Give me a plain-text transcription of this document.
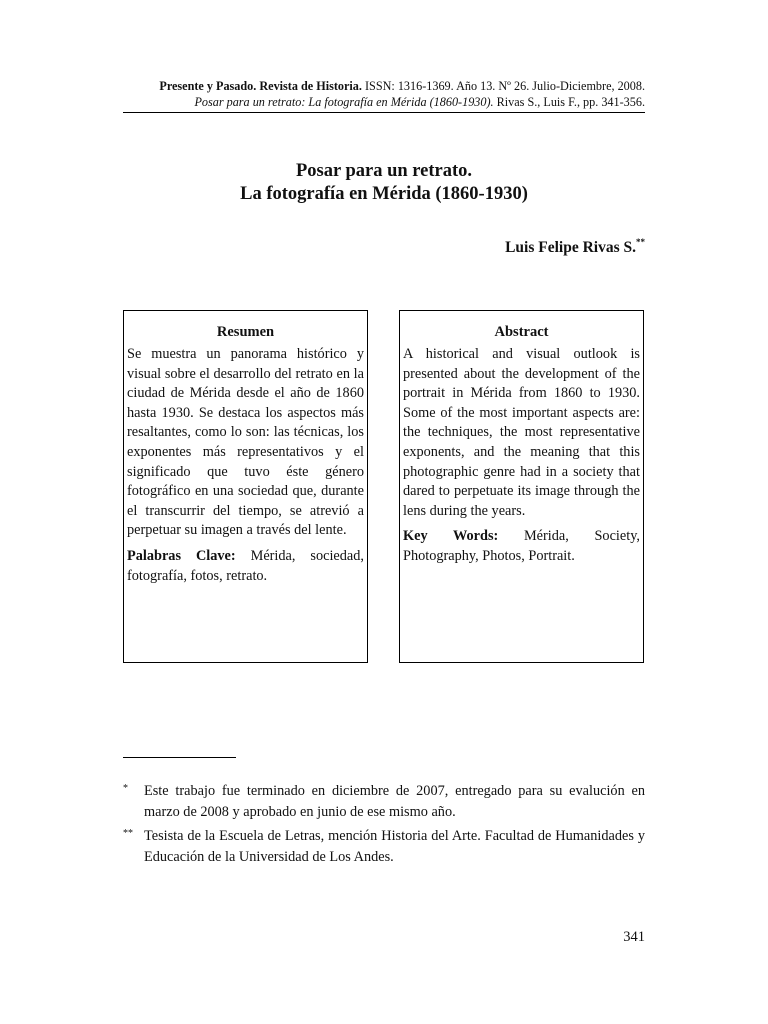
Presente y Pasado. Revista de Historia. ISSN: 1316-1369. Año 13. Nº 26. Julio-Diciembre, 2008.
Posar para un retrato: La fotografía en Mérida (1860-1930). Rivas S., Luis F., pp. 341-356.
Posar para un retrato.
La fotografía en Mérida (1860-1930)
Luis Felipe Rivas S.**
Resumen

Se muestra un panorama histórico y visual sobre el desarrollo del retrato en la ciudad de Mérida desde el año de 1860 hasta 1930. Se destaca los aspectos más resaltantes, como lo son: las técnicas, los exponentes más representativos y el significado que tuvo éste género fotográfico en una sociedad que, durante el transcurrir del tiempo, se atrevió a perpetuar su imagen a través del lente.

Palabras Clave: Mérida, sociedad, fotografía, fotos, retrato.

Abstract

A historical and visual outlook is presented about the development of the portrait in Mérida from 1860 to 1930. Some of the most important aspects are: the techniques, the most representative exponents, and the meaning that this photographic genre had in a society that dared to perpetuate its image through the lens during the years.

Key Words: Mérida, Society, Photography, Photos, Portrait.

* Este trabajo fue terminado en diciembre de 2007, entregado para su evalución en marzo de 2008 y aprobado en junio de ese mismo año.
** Tesista de la Escuela de Letras, mención Historia del Arte. Facultad de Humanidades y Educación de la Universidad de Los Andes.
341
